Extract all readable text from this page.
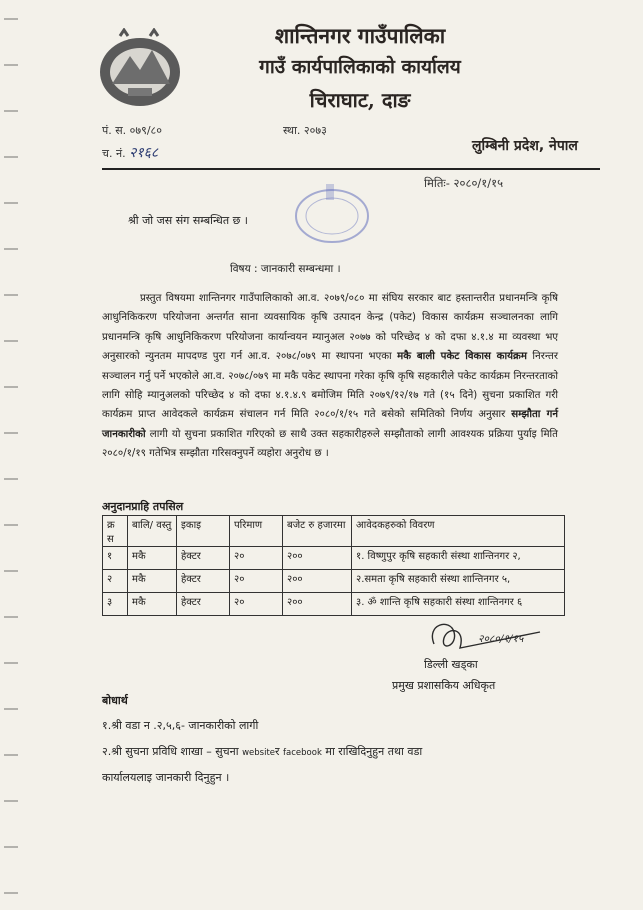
शान्तिनगर गाउँपालिका
गाउँ कार्यपालिकाको कार्यालय
चिराघाट, दाङ
पं. स. ०७९/८०
च. नं. २१६८
स्था. २०७३
लुम्बिनी प्रदेश, नेपाल
मितिः- २०८०/१/१५
श्री जो जस संग सम्बन्धित छ ।
विषय : जानकारी सम्बन्धमा ।

प्रस्तुत विषयमा शान्तिनगर गाउँपालिकाको आ.व. २०७९/०८० मा संघिय सरकार बाट हस्तान्तरीत प्रधानमन्त्रि कृषि आधुनिकिकरण परियोजना अन्तर्गत साना व्यवसायिक कृषि उत्पादन केन्द्र (पकेट) विकास कार्यक्रम सञ्चालनका लागि प्रधानमन्त्रि कृषि आधुनिकिकरण परियोजना कार्यान्वयन म्यानुअल २०७७ को परिच्छेद ४ को दफा ४.१.४ मा व्यवस्था भए अनुसारको न्युनतम मापदण्ड पुरा गर्न आ.व. २०७८/०७९ मा स्थापना भएका मकै बाली पकेट विकास कार्यक्रम निरन्तर सञ्चालन गर्नु पर्ने भएकोले आ.व. २०७८/०७९ मा मकै पकेट स्थापना गरेका कृषि कृषि सहकारीले पकेट कार्यक्रम निरन्तरताको लागि सोहि म्यानुअलको परिच्छेद ४ को दफा ४.१.४.९ बमोजिम मिति २०७९/१२/१७ गते (१५ दिने) सुचना प्रकाशित गरी कार्यक्रम प्राप्त आवेदकले कार्यक्रम संचालन गर्न मिति २०८०/१/१५ गते बसेको समितिको निर्णय अनुसार सम्झौता गर्न जानकारीको लागी यो सुचना प्रकाशित गरिएको छ साथै उक्त सहकारीहरुले सम्झौताको लागी आवश्यक प्रक्रिया पुर्याइ मिति २०८०/१/१९ गतेभित्र सम्झौता गरिसक्नुपर्ने व्यहोरा अनुरोध छ ।

अनुदानप्राहि तपसिल
क्र स	बालि/ वस्तु	इकाइ	परिमाण	बजेट रु हजारमा	आवेदकहरुको विवरण
१	मकै	हेक्टर	२०	२००	१. विष्णुपुर कृषि सहकारी संस्था शान्तिनगर २,
२	मकै	हेक्टर	२०	२००	२.समता कृषि सहकारी संस्था शान्तिनगर ५,
३	मकै	हेक्टर	२०	२००	३. ॐ शान्ति कृषि सहकारी संस्था शान्तिनगर ६
२०८०/१/१५
डिल्ली खड्का
प्रमुख प्रशासकिय अधिकृत
बोधार्थ
१.श्री वडा न .२,५,६- जानकारीको लागी
२.श्री सुचना प्रविधि शाखा – सुचना websiteर facebook मा राखिदिनुहुन तथा वडा
कार्यालयलाइ जानकारी दिनुहुन ।
